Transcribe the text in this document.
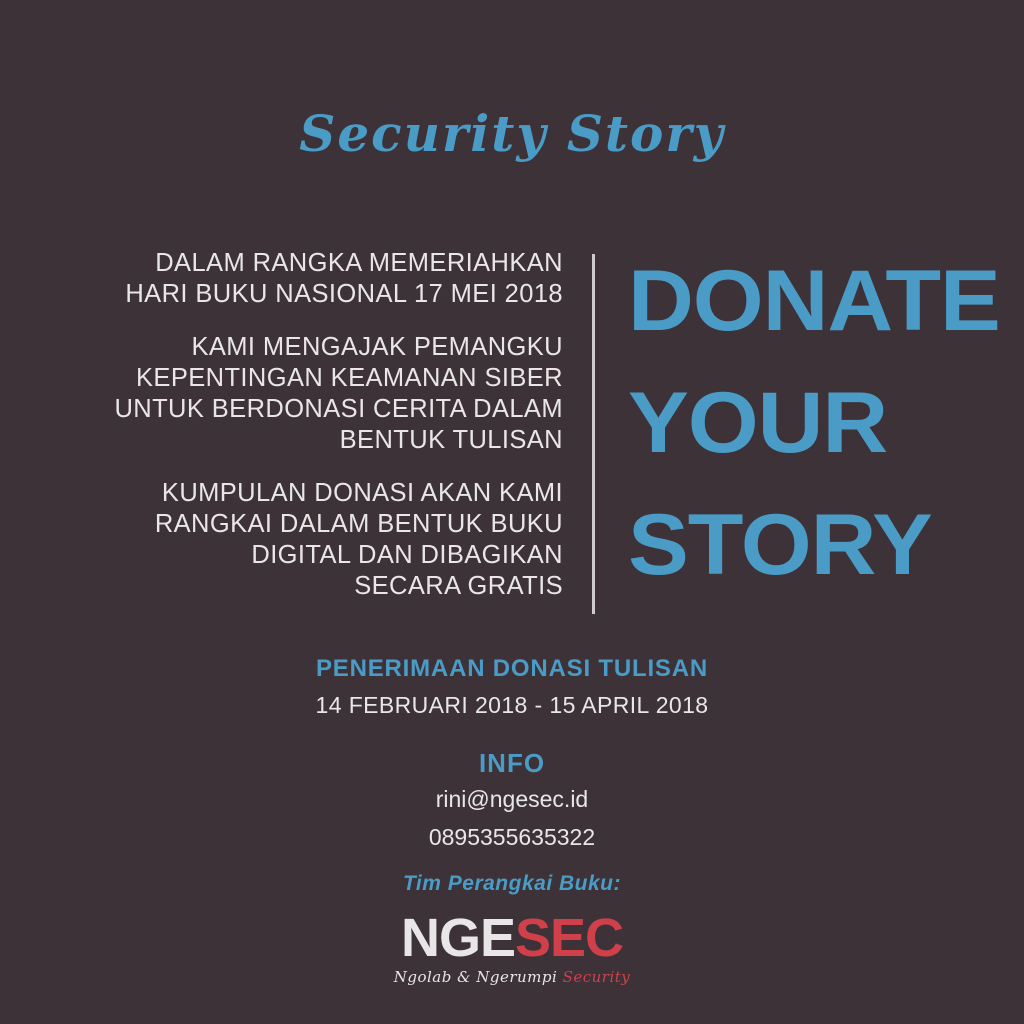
Security Story
DALAM RANGKA MEMERIAHKAN
HARI BUKU NASIONAL 17 MEI 2018
KAMI MENGAJAK PEMANGKU
KEPENTINGAN KEAMANAN SIBER
UNTUK BERDONASI CERITA DALAM
BENTUK TULISAN
KUMPULAN DONASI AKAN KAMI
RANGKAI DALAM BENTUK BUKU
DIGITAL DAN DIBAGIKAN
SECARA GRATIS
DONATE
YOUR
STORY
PENERIMAAN DONASI TULISAN
14 FEBRUARI 2018 - 15 APRIL 2018
INFO
rini@ngesec.id
0895355635322
Tim Perangkai Buku:
NGESEC
Ngolab & Ngerumpi Security
